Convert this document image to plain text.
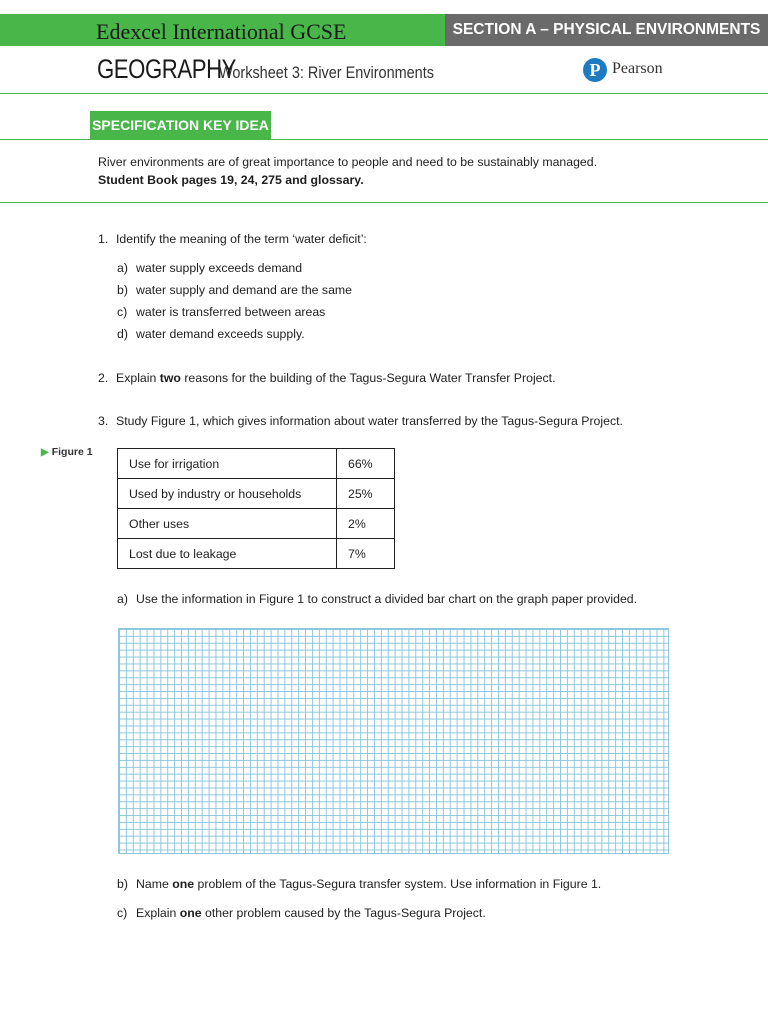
Edexcel International GCSE	SECTION A – PHYSICAL ENVIRONMENTS
GEOGRAPHY
Worksheet 3: River Environments	P Pearson
SPECIFICATION KEY IDEA
River environments are of great importance to people and need to be sustainably managed.
Student Book pages 19, 24, 275 and glossary.
1. Identify the meaning of the term ‘water deficit’:
a) water supply exceeds demand
b) water supply and demand are the same
c) water is transferred between areas
d) water demand exceeds supply.
2. Explain two reasons for the building of the Tagus-Segura Water Transfer Project.
3. Study Figure 1, which gives information about water transferred by the Tagus-Segura Project.
▶ Figure 1
Use for irrigation	66%
Used by industry or households	25%
Other uses	2%
Lost due to leakage	7%
a) Use the information in Figure 1 to construct a divided bar chart on the graph paper provided.
b) Name one problem of the Tagus-Segura transfer system. Use information in Figure 1.
c) Explain one other problem caused by the Tagus-Segura Project.
